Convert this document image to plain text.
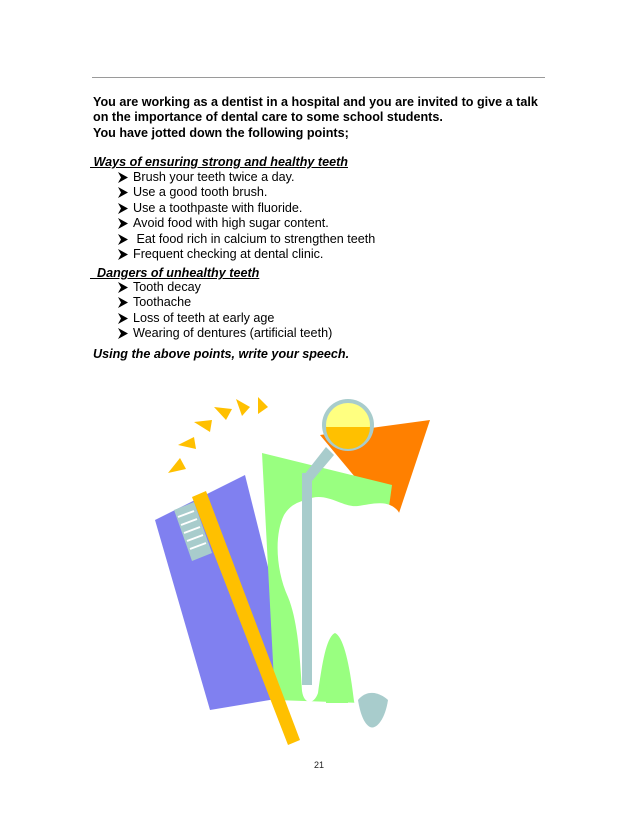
You are working as a dentist in a hospital and you are invited to give a talk
on the importance of dental care to some school students.
You have jotted down the following points;
Ways of ensuring strong and healthy teeth
Brush your teeth twice a day.
Use a good tooth brush.
Use a toothpaste with fluoride.
Avoid food with high sugar content.
Eat food rich in calcium to strengthen teeth
Frequent checking at dental clinic.
Dangers of unhealthy teeth
Tooth decay
Toothache
Loss of teeth at early age
Wearing of dentures (artificial teeth)
Using the above points, write your speech.
21
